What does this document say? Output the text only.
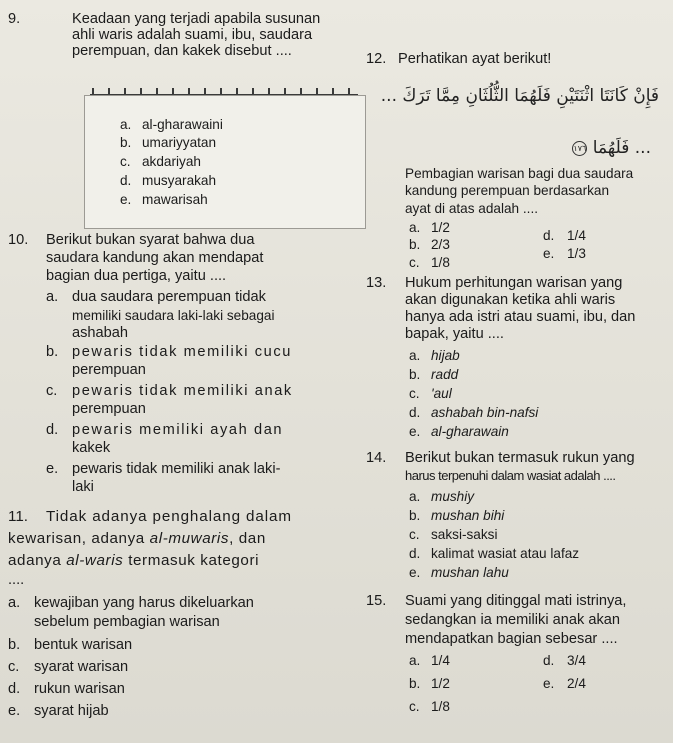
9.	Keadaan yang terjadi apabila susunan
ahli waris adalah suami, ibu, saudara
perempuan, dan kakek disebut ....
a. al-gharawaini
b. umariyyatan
c. akdariyah
d. musyarakah
e. mawarisah
10. Berikut bukan syarat bahwa dua
saudara kandung akan mendapat
bagian dua pertiga, yaitu ....
a. dua saudara perempuan tidak
memiliki saudara laki-laki sebagai
ashabah
b. pewaris tidak memiliki cucu
perempuan
c. pewaris tidak memiliki anak
perempuan
d. pewaris memiliki ayah dan
kakek
e. pewaris tidak memiliki anak laki-
laki
11. Tidak adanya penghalang dalam
kewarisan, adanya al-muwaris, dan
adanya al-waris termasuk kategori
....
a. kewajiban yang harus dikeluarkan
sebelum pembagian warisan
b. bentuk warisan
c. syarat warisan
d. rukun warisan
e. syarat hijab
12. Perhatikan ayat berikut!
فَإِنْ كَانَتَا اثْنَتَيْنِ فَلَهُمَا الثُّلُثَانِ مِمَّا تَرَكَ ...
... فَلَهُمَا ١٧٦
Pembagian warisan bagi dua saudara
kandung perempuan berdasarkan
ayat di atas adalah ....
a. 1/2
b. 2/3
c. 1/8
d. 1/4
e. 1/3
13. Hukum perhitungan warisan yang
akan digunakan ketika ahli waris
hanya ada istri atau suami, ibu, dan
bapak, yaitu ....
a. hijab
b. radd
c. 'aul
d. ashabah bin-nafsi
e. al-gharawain
14. Berikut bukan termasuk rukun yang
harus terpenuhi dalam wasiat adalah ....
a. mushiy
b. mushan bihi
c. saksi-saksi
d. kalimat wasiat atau lafaz
e. mushan lahu
15. Suami yang ditinggal mati istrinya,
sedangkan ia memiliki anak akan
mendapatkan bagian sebesar ....
a. 1/4
b. 1/2
c. 1/8
d. 3/4
e. 2/4
